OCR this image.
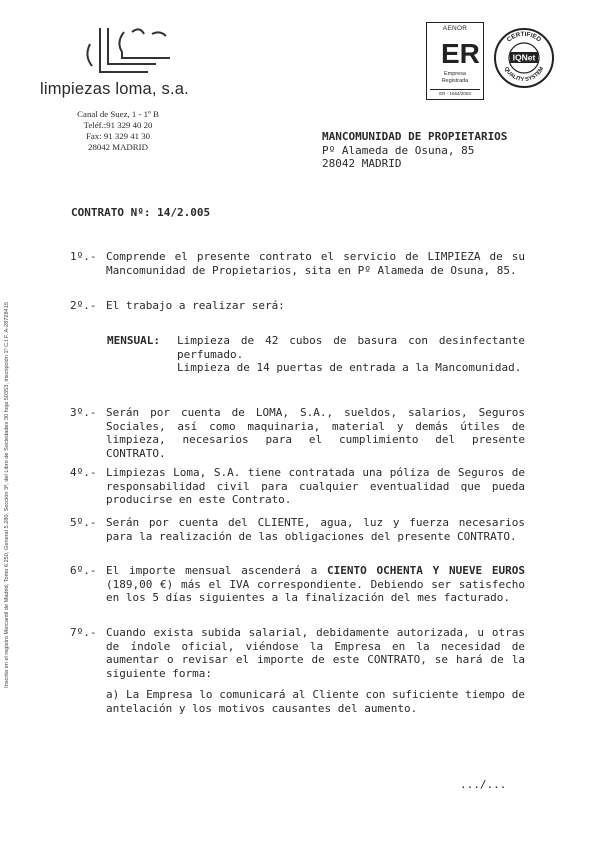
limpiezas loma, s.a.
Canal de Suez, 1 - 1º B
Teléf.:91 329 40 20
Fax: 91 329 41 30
28042 MADRID
AENOR
ER
Empresa
Registrada
ER - 1654/2003
CERTIFIED
QUALITY SYSTEM
IQNet
MANCOMUNIDAD DE PROPIETARIOS
Pº Alameda de Osuna, 85
28042 MADRID
CONTRATO Nº: 14/2.005
Inscrita en el registro Mercantil de Madrid, Tomo 6.250, General 5.280, Sección 3ª, del Libro de Sociedades 30 hoja 50353, inscripción 1º C.I.F. A-28728415
1º.- Comprende el presente contrato el servicio de LIMPIEZA de su Mancomunidad de Propietarios, sita en Pº Alameda de Osuna, 85.
2º.- El trabajo a realizar será:
MENSUAL: Limpieza de 42 cubos de basura con desinfectante perfumado.
Limpieza de 14 puertas de entrada a la Mancomunidad.
3º.- Serán por cuenta de LOMA, S.A., sueldos, salarios, Seguros Sociales, así como maquinaria, material y demás útiles de limpieza, necesarios para el cumplimiento del presente CONTRATO.
4º.- Limpiezas Loma, S.A. tiene contratada una póliza de Seguros de responsabilidad civil para cualquier eventualidad que pueda producirse en este Contrato.
5º.- Serán por cuenta del CLIENTE, agua, luz y fuerza necesarios para la realización de las obligaciones del presente CONTRATO.
6º.- El importe mensual ascenderá a CIENTO OCHENTA Y NUEVE EUROS (189,00 €) más el IVA correspondiente. Debiendo ser satisfecho en los 5 días siguientes a la finalización del mes facturado.
7º.- Cuando exista subida salarial, debidamente autorizada, u otras de índole oficial, viéndose la Empresa en la necesidad de aumentar o revisar el importe de este CONTRATO, se hará de la siguiente forma:
a) La Empresa lo comunicará al Cliente con suficiente tiempo de antelación y los motivos causantes del aumento.
.../...
